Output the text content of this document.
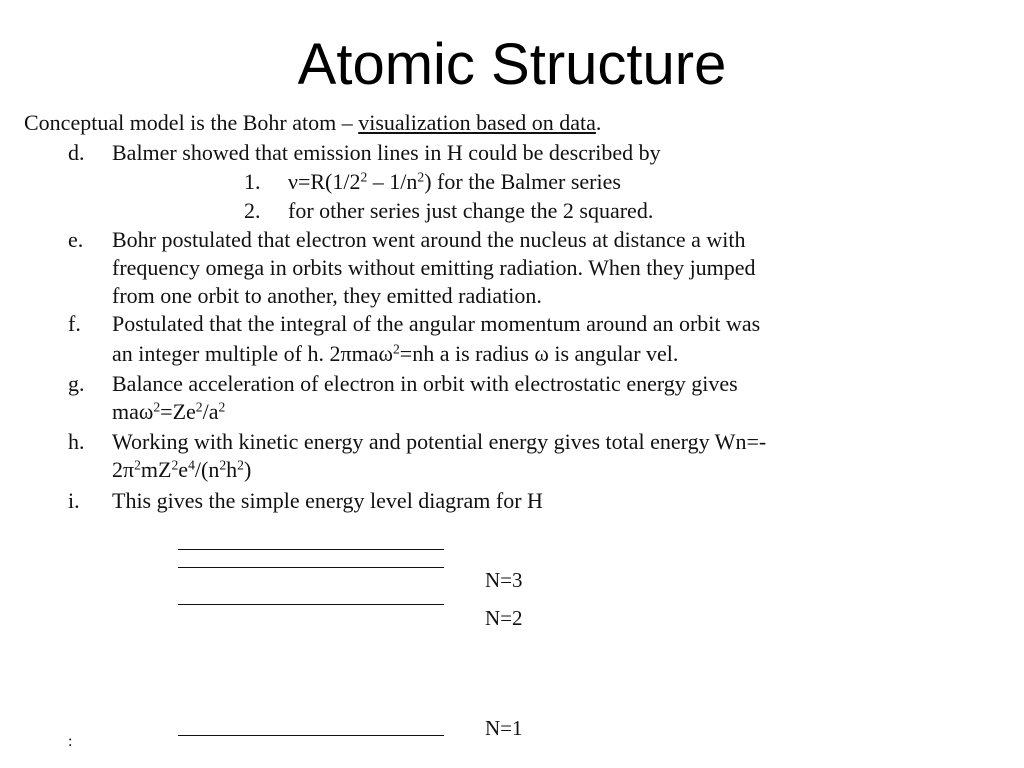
Atomic Structure
Conceptual model is the Bohr atom – visualization based on data.
d. Balmer showed that emission lines in H could be described by
1. $\nu=R(1/2^2 - 1/n^2)$ for the Balmer series
2. for other series just change the 2 squared.
e. Bohr postulated that electron went around the nucleus at distance a with
frequency omega in orbits without emitting radiation. When they jumped
from one orbit to another, they emitted radiation.
f. Postulated that the integral of the angular momentum around an orbit was
an integer multiple of h. 2πmaω$^2$=nh a is radius ω is angular vel.
g. Balance acceleration of electron in orbit with electrostatic energy gives
$ma\omega^2=Ze^2/a^2$
h. Working with kinetic energy and potential energy gives total energy Wn=-
$2\pi^2mZ^2e^4/(n^2h^2)$
i. This gives the simple energy level diagram for H
N=3
N=2
N=1
:
